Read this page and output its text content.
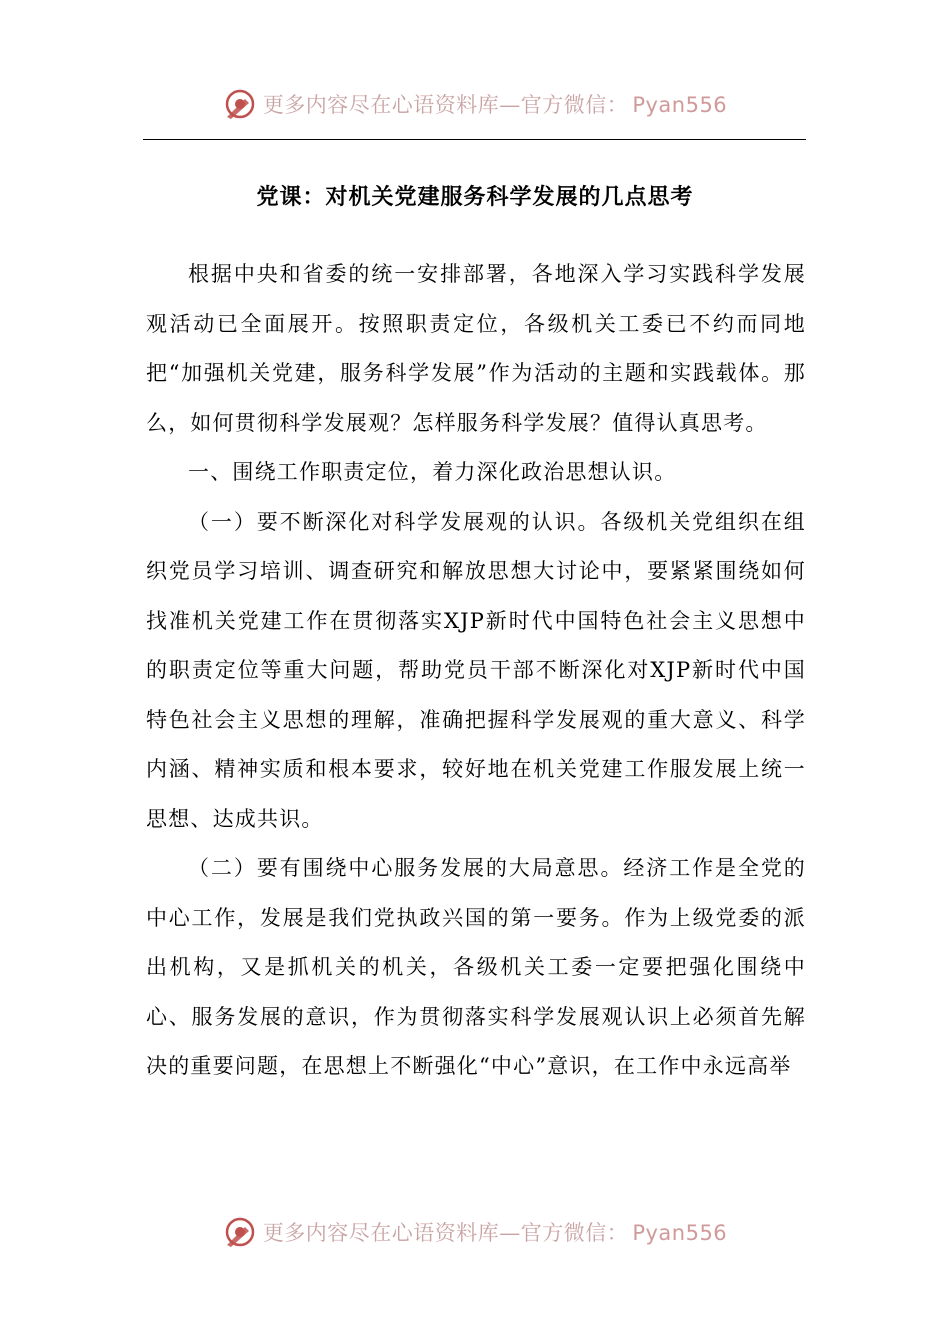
更多内容尽在心语资料库—官方微信： Pyan556
党课：对机关党建服务科学发展的几点思考

根据中央和省委的统一安排部署，各地深入学习实践科学发展观活动已全面展开。按照职责定位，各级机关工委已不约而同地把“加强机关党建，服务科学发展”作为活动的主题和实践载体。那么，如何贯彻科学发展观？怎样服务科学发展？值得认真思考。

一、围绕工作职责定位，着力深化政治思想认识。

（一）要不断深化对科学发展观的认识。各级机关党组织在组织党员学习培训、调查研究和解放思想大讨论中，要紧紧围绕如何找准机关党建工作在贯彻落实XJP新时代中国特色社会主义思想中的职责定位等重大问题，帮助党员干部不断深化对XJP新时代中国特色社会主义思想的理解，准确把握科学发展观的重大意义、科学内涵、精神实质和根本要求，较好地在机关党建工作服发展上统一思想、达成共识。

（二）要有围绕中心服务发展的大局意思。经济工作是全党的中心工作，发展是我们党执政兴国的第一要务。作为上级党委的派出机构，又是抓机关的机关，各级机关工委一定要把强化围绕中心、服务发展的意识，作为贯彻落实科学发展观认识上必须首先解决的重要问题，在思想上不断强化“中心”意识，在工作中永远高举

更多内容尽在心语资料库—官方微信： Pyan556
